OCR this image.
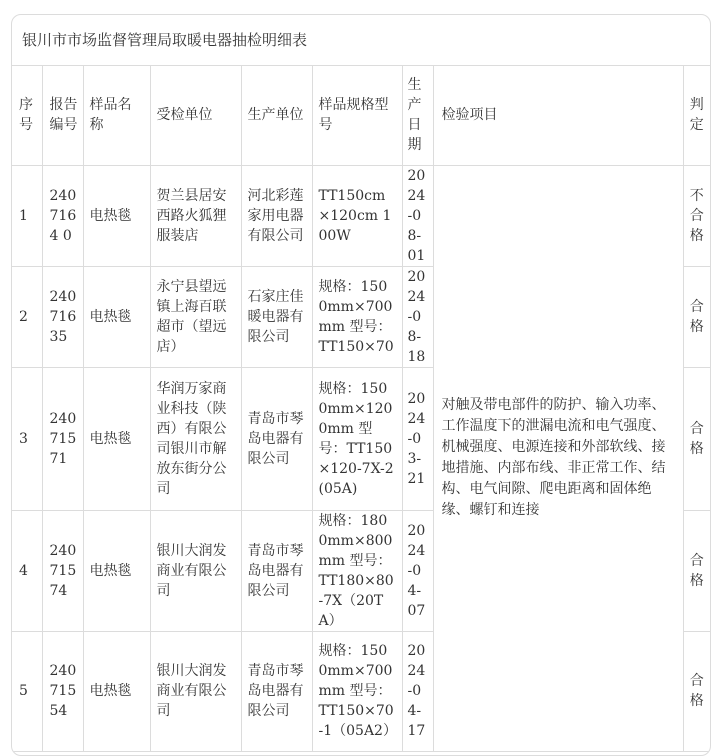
银川市市场监督管理局取暖电器抽检明细表
序号	报告编号	样品名称	受检单位	生产单位	样品规格型号	生产日期	检验项目	判定
1	2407164 0	电热毯	贺兰县居安西路火狐狸服装店	河北彩莲家用电器有限公司	TT150cm×120cm 100W	2024-08-01	对触及带电部件的防护、输入功率、工作温度下的泄漏电流和电气强度、机械强度、电源连接和外部软线、接地措施、内部布线、非正常工作、结构、电气间隙、爬电距离和固体绝缘、螺钉和连接	不合格
2	24071635	电热毯	永宁县望远镇上海百联超市（望远店）	石家庄佳暖电器有限公司	规格：1500mm×700mm 型号：TT150×70	2024-08-18		合格
3	24071571	电热毯	华润万家商业科技（陕西）有限公司银川市解放东街分公司	青岛市琴岛电器有限公司	规格：1500mm×1200mm 型号：TT150×120-7X-2(05A)	2024-03-21		合格
4	24071574	电热毯	银川大润发商业有限公司	青岛市琴岛电器有限公司	规格：1800mm×800mm 型号：TT180×80-7X（20TA）	2024-04-07		合格
5	24071554	电热毯	银川大润发商业有限公司	青岛市琴岛电器有限公司	规格：1500mm×700mm 型号：TT150×70-1（05A2）	2024-04-17		合格
